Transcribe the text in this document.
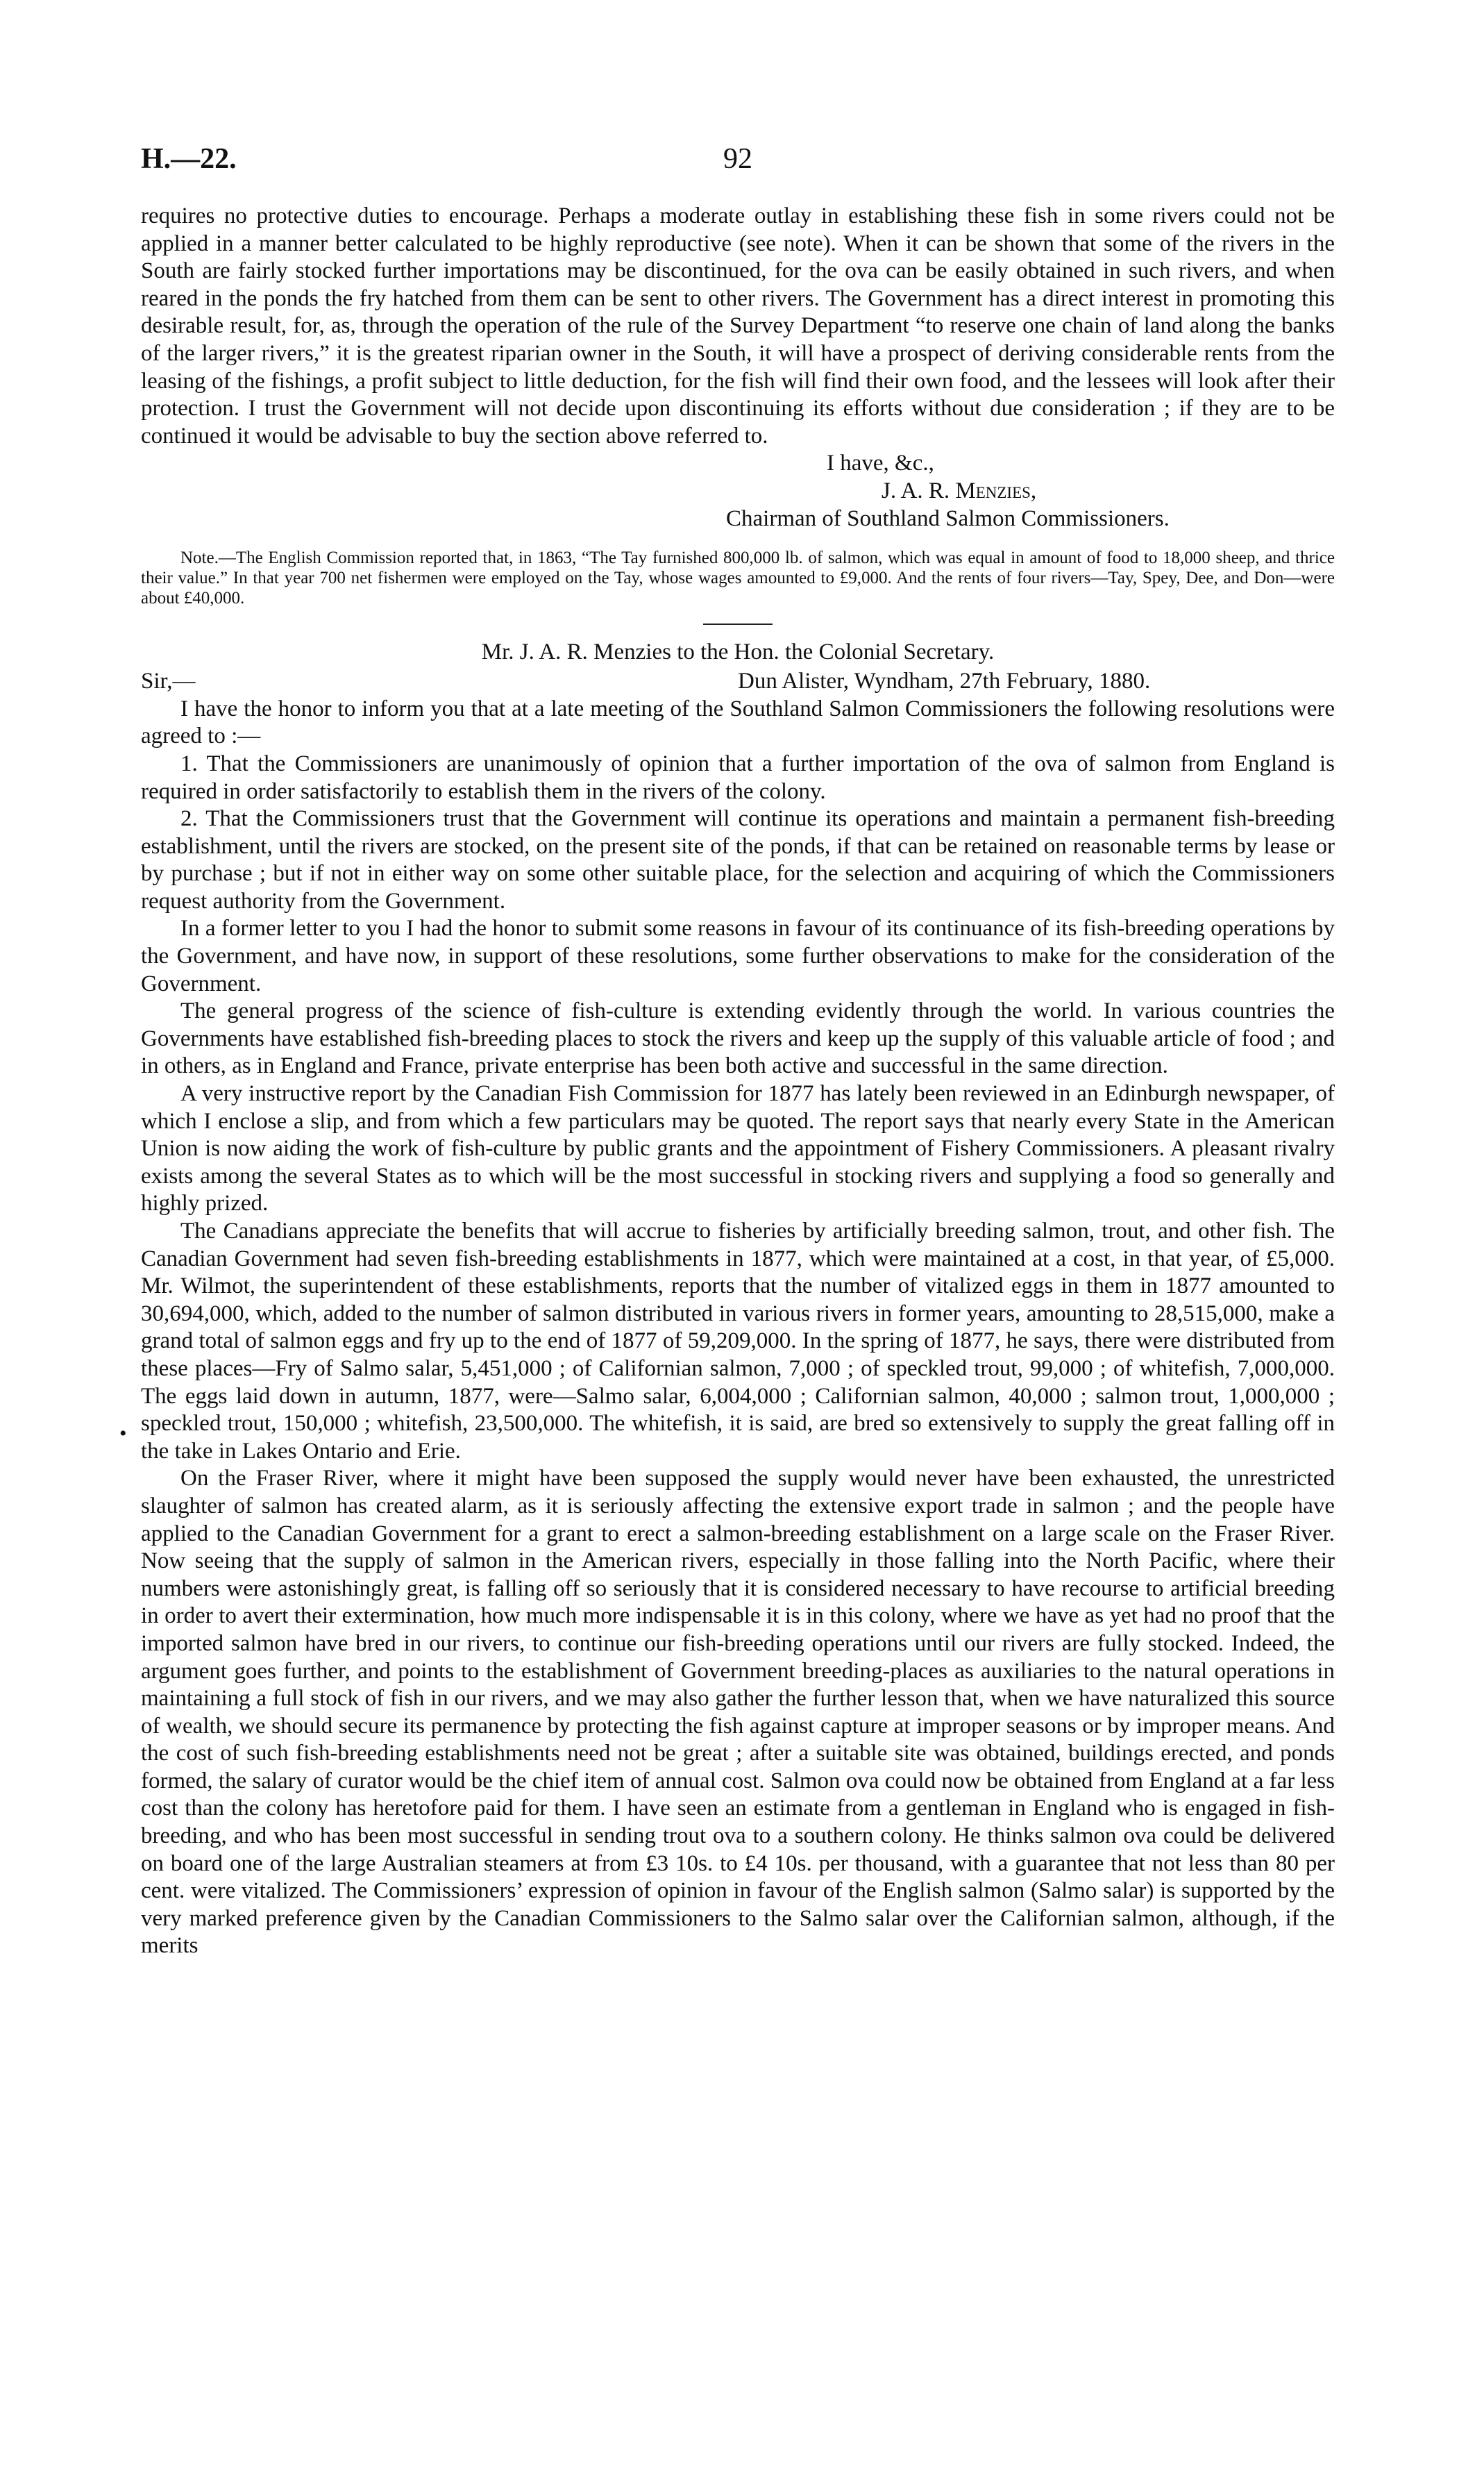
H.—22.	92
•

requires no protective duties to encourage. Perhaps a moderate outlay in establishing these fish in some rivers could not be applied in a manner better calculated to be highly reproductive (see note). When it can be shown that some of the rivers in the South are fairly stocked further importations may be discontinued, for the ova can be easily obtained in such rivers, and when reared in the ponds the fry hatched from them can be sent to other rivers. The Government has a direct interest in promoting this desirable result, for, as, through the operation of the rule of the Survey Department “to reserve one chain of land along the banks of the larger rivers,” it is the greatest riparian owner in the South, it will have a prospect of deriving considerable rents from the leasing of the fishings, a profit subject to little deduction, for the fish will find their own food, and the lessees will look after their protection. I trust the Government will not decide upon discontinuing its efforts without due consideration ; if they are to be continued it would be advisable to buy the section above referred to.

I have, &c.,

J. A. R. Menzies,

Chairman of Southland Salmon Commissioners.

Note.—The English Commission reported that, in 1863, “The Tay furnished 800,000 lb. of salmon, which was equal in amount of food to 18,000 sheep, and thrice their value.” In that year 700 net fishermen were employed on the Tay, whose wages amounted to £9,000. And the rents of four rivers—Tay, Spey, Dee, and Don—were about £40,000.

Mr. J. A. R. Menzies to the Hon. the Colonial Secretary.

Sir,—	Dun Alister, Wyndham, 27th February, 1880.

I have the honor to inform you that at a late meeting of the Southland Salmon Commissioners the following resolutions were agreed to :—

1. That the Commissioners are unanimously of opinion that a further importation of the ova of salmon from England is required in order satisfactorily to establish them in the rivers of the colony.

2. That the Commissioners trust that the Government will continue its operations and maintain a permanent fish-breeding establishment, until the rivers are stocked, on the present site of the ponds, if that can be retained on reasonable terms by lease or by purchase ; but if not in either way on some other suitable place, for the selection and acquiring of which the Commissioners request authority from the Government.

In a former letter to you I had the honor to submit some reasons in favour of its continuance of its fish-breeding operations by the Government, and have now, in support of these resolutions, some further observations to make for the consideration of the Government.

The general progress of the science of fish-culture is extending evidently through the world. In various countries the Governments have established fish-breeding places to stock the rivers and keep up the supply of this valuable article of food ; and in others, as in England and France, private enterprise has been both active and successful in the same direction.

A very instructive report by the Canadian Fish Commission for 1877 has lately been reviewed in an Edinburgh newspaper, of which I enclose a slip, and from which a few particulars may be quoted. The report says that nearly every State in the American Union is now aiding the work of fish-culture by public grants and the appointment of Fishery Commissioners. A pleasant rivalry exists among the several States as to which will be the most successful in stocking rivers and supplying a food so generally and highly prized.

The Canadians appreciate the benefits that will accrue to fisheries by artificially breeding salmon, trout, and other fish. The Canadian Government had seven fish-breeding establishments in 1877, which were maintained at a cost, in that year, of £5,000. Mr. Wilmot, the superintendent of these establishments, reports that the number of vitalized eggs in them in 1877 amounted to 30,694,000, which, added to the number of salmon distributed in various rivers in former years, amounting to 28,515,000, make a grand total of salmon eggs and fry up to the end of 1877 of 59,209,000. In the spring of 1877, he says, there were distributed from these places—Fry of Salmo salar, 5,451,000 ; of Californian salmon, 7,000 ; of speckled trout, 99,000 ; of whitefish, 7,000,000. The eggs laid down in autumn, 1877, were—Salmo salar, 6,004,000 ; Californian salmon, 40,000 ; salmon trout, 1,000,000 ; speckled trout, 150,000 ; whitefish, 23,500,000. The whitefish, it is said, are bred so extensively to supply the great falling off in the take in Lakes Ontario and Erie.

On the Fraser River, where it might have been supposed the supply would never have been exhausted, the unrestricted slaughter of salmon has created alarm, as it is seriously affecting the extensive export trade in salmon ; and the people have applied to the Canadian Government for a grant to erect a salmon-breeding establishment on a large scale on the Fraser River. Now seeing that the supply of salmon in the American rivers, especially in those falling into the North Pacific, where their numbers were astonishingly great, is falling off so seriously that it is considered necessary to have recourse to artificial breeding in order to avert their extermination, how much more indispensable it is in this colony, where we have as yet had no proof that the imported salmon have bred in our rivers, to continue our fish-breeding operations until our rivers are fully stocked. Indeed, the argument goes further, and points to the establishment of Government breeding-places as auxiliaries to the natural operations in maintaining a full stock of fish in our rivers, and we may also gather the further lesson that, when we have naturalized this source of wealth, we should secure its permanence by protecting the fish against capture at improper seasons or by improper means. And the cost of such fish-breeding establishments need not be great ; after a suitable site was obtained, buildings erected, and ponds formed, the salary of curator would be the chief item of annual cost. Salmon ova could now be obtained from England at a far less cost than the colony has heretofore paid for them. I have seen an estimate from a gentleman in England who is engaged in fish-breeding, and who has been most successful in sending trout ova to a southern colony. He thinks salmon ova could be delivered on board one of the large Australian steamers at from £3 10s. to £4 10s. per thousand, with a guarantee that not less than 80 per cent. were vitalized. The Commissioners’ expression of opinion in favour of the English salmon (Salmo salar) is supported by the very marked preference given by the Canadian Commissioners to the Salmo salar over the Californian salmon, although, if the merits
